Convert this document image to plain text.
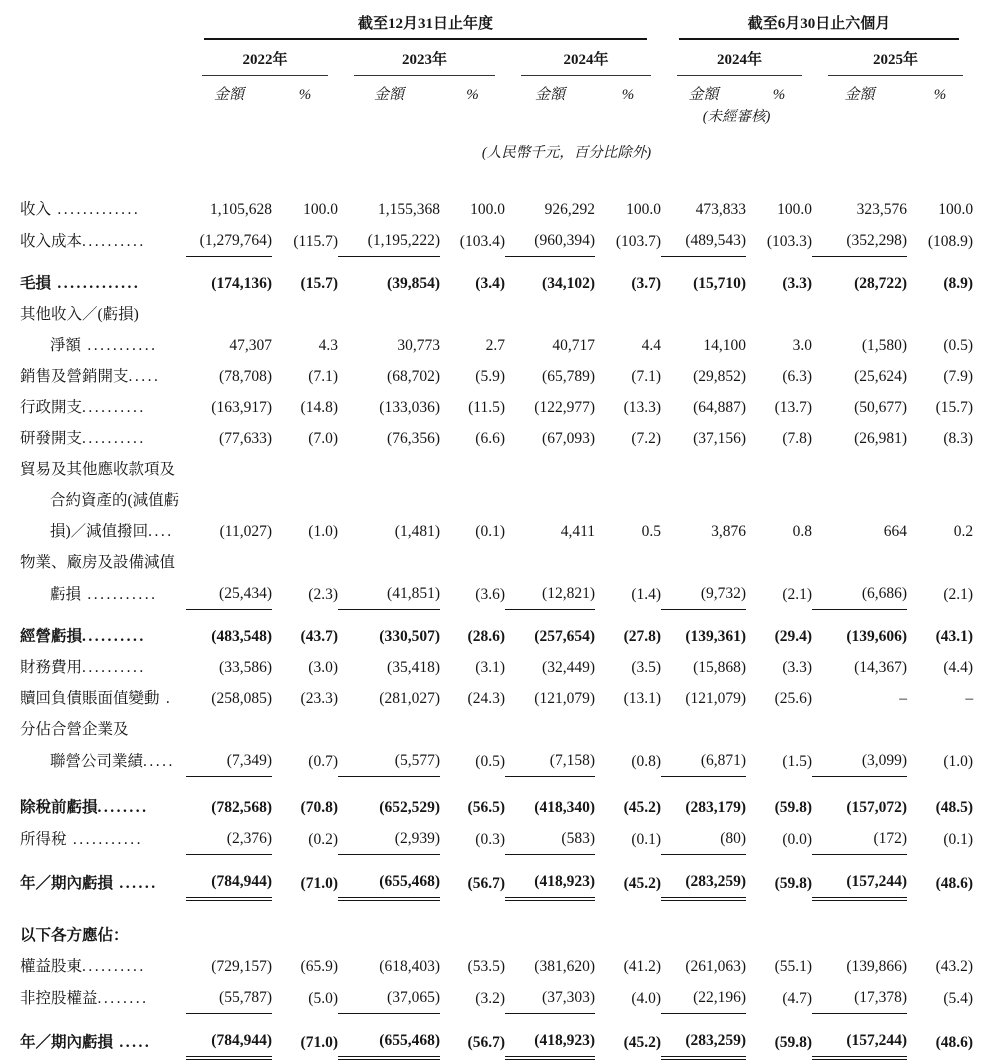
	截至12月31日止年度						截至6月30日止六個月			

	2022年		2023年		2024年		2024年		2025年	

	金額	%	金額	%	金額	%	金額	%	金額	%
							(未經審核)			
(人民幣千元，百分比除外)										
收入 .............	1,105,628	100.0	1,155,368	100.0	926,292	100.0	473,833	100.0	323,576	100.0
收入成本..........	(1,279,764)	(115.7)	(1,195,222)	(103.4)	(960,394)	(103.7)	(489,543)	(103.3)	(352,298)	(108.9)
毛損 .............	(174,136)	(15.7)	(39,854)	(3.4)	(34,102)	(3.7)	(15,710)	(3.3)	(28,722)	(8.9)
其他收入／(虧損)										
淨額 ...........	47,307	4.3	30,773	2.7	40,717	4.4	14,100	3.0	(1,580)	(0.5)
銷售及營銷開支.....	(78,708)	(7.1)	(68,702)	(5.9)	(65,789)	(7.1)	(29,852)	(6.3)	(25,624)	(7.9)
行政開支..........	(163,917)	(14.8)	(133,036)	(11.5)	(122,977)	(13.3)	(64,887)	(13.7)	(50,677)	(15.7)
研發開支..........	(77,633)	(7.0)	(76,356)	(6.6)	(67,093)	(7.2)	(37,156)	(7.8)	(26,981)	(8.3)
貿易及其他應收款項及										
合約資產的(減值虧										
損)／減值撥回....	(11,027)	(1.0)	(1,481)	(0.1)	4,411	0.5	3,876	0.8	664	0.2
物業、廠房及設備減值										
虧損 ...........	(25,434)	(2.3)	(41,851)	(3.6)	(12,821)	(1.4)	(9,732)	(2.1)	(6,686)	(2.1)
經營虧損..........	(483,548)	(43.7)	(330,507)	(28.6)	(257,654)	(27.8)	(139,361)	(29.4)	(139,606)	(43.1)
財務費用..........	(33,586)	(3.0)	(35,418)	(3.1)	(32,449)	(3.5)	(15,868)	(3.3)	(14,367)	(4.4)
贖回負債賬面值變動 .	(258,085)	(23.3)	(281,027)	(24.3)	(121,079)	(13.1)	(121,079)	(25.6)	–	–
分佔合營企業及										
聯營公司業績.....	(7,349)	(0.7)	(5,577)	(0.5)	(7,158)	(0.8)	(6,871)	(1.5)	(3,099)	(1.0)
除稅前虧損........	(782,568)	(70.8)	(652,529)	(56.5)	(418,340)	(45.2)	(283,179)	(59.8)	(157,072)	(48.5)
所得稅 ...........	(2,376)	(0.2)	(2,939)	(0.3)	(583)	(0.1)	(80)	(0.0)	(172)	(0.1)
年／期內虧損 ......	(784,944)	(71.0)	(655,468)	(56.7)	(418,923)	(45.2)	(283,259)	(59.8)	(157,244)	(48.6)
以下各方應佔：										
權益股東..........	(729,157)	(65.9)	(618,403)	(53.5)	(381,620)	(41.2)	(261,063)	(55.1)	(139,866)	(43.2)
非控股權益........	(55,787)	(5.0)	(37,065)	(3.2)	(37,303)	(4.0)	(22,196)	(4.7)	(17,378)	(5.4)
年／期內虧損 .....	(784,944)	(71.0)	(655,468)	(56.7)	(418,923)	(45.2)	(283,259)	(59.8)	(157,244)	(48.6)
